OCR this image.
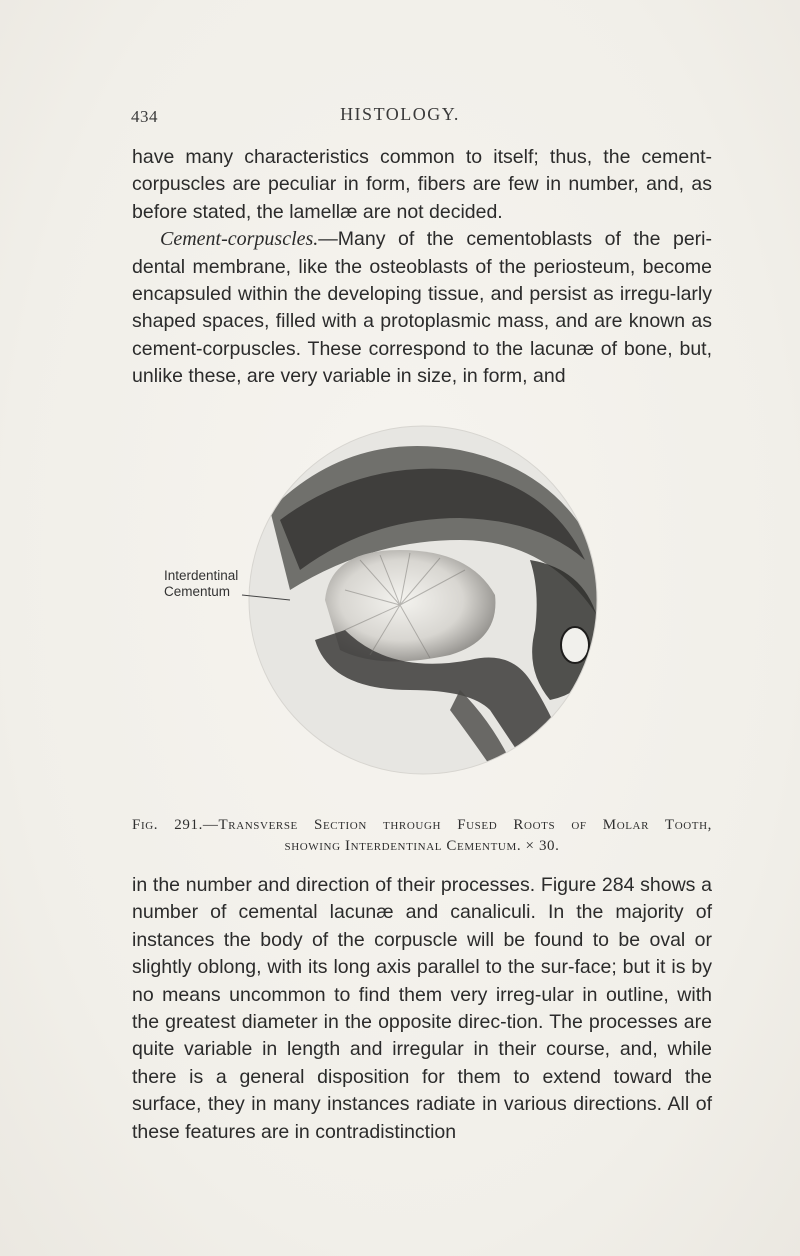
434	HISTOLOGY.

have many characteristics common to itself; thus, the cement-corpuscles are peculiar in form, fibers are few in number, and, as before stated, the lamellæ are not decided.

Cement-corpuscles.—Many of the cementoblasts of the peri-dental membrane, like the osteoblasts of the periosteum, become encapsuled within the developing tissue, and persist as irregu-larly shaped spaces, filled with a protoplasmic mass, and are known as cement-corpuscles. These correspond to the lacunæ of bone, but, unlike these, are very variable in size, in form, and

Interdentinal
Cementum
Fig. 291.—Transverse Section through Fused Roots of Molar Tooth,
showing Interdentinal Cementum. × 30.

in the number and direction of their processes. Figure 284 shows a number of cemental lacunæ and canaliculi. In the majority of instances the body of the corpuscle will be found to be oval or slightly oblong, with its long axis parallel to the sur-face; but it is by no means uncommon to find them very irreg-ular in outline, with the greatest diameter in the opposite direc-tion. The processes are quite variable in length and irregular in their course, and, while there is a general disposition for them to extend toward the surface, they in many instances radiate in various directions. All of these features are in contradistinction
